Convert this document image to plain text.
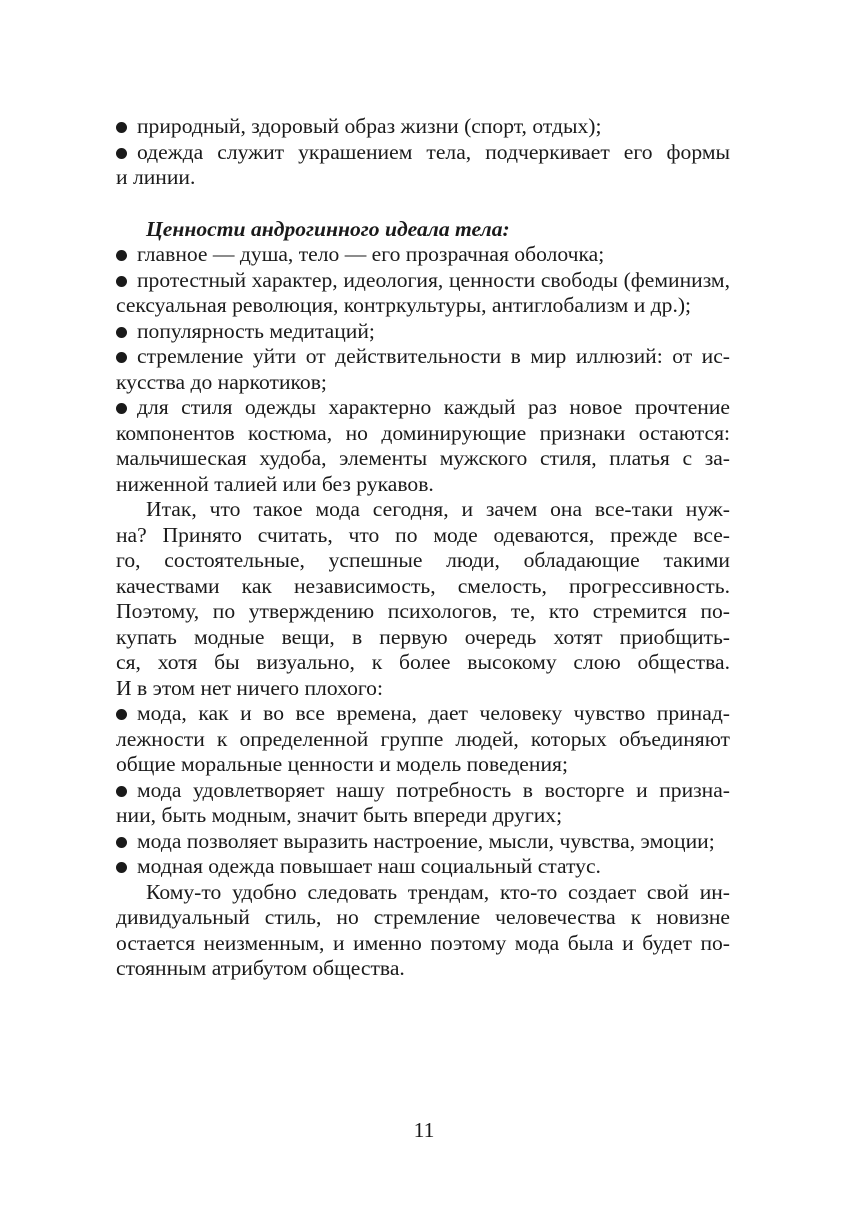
природный, здоровый образ жизни (спорт, отдых);
одежда служит украшением тела, подчеркивает его формы
и линии.
Ценности андрогинного идеала тела:
главное — душа, тело — его прозрачная оболочка;
протестный характер, идеология, ценности свободы (феминизм,
сексуальная революция, контркультуры, антиглобализм и др.);
популярность медитаций;
стремление уйти от действительности в мир иллюзий: от ис-
кусства до наркотиков;
для стиля одежды характерно каждый раз новое прочтение
компонентов костюма, но доминирующие признаки остаются:
мальчишеская худоба, элементы мужского стиля, платья с за-
ниженной талией или без рукавов.
Итак, что такое мода сегодня, и зачем она все-таки нуж-
на? Принято считать, что по моде одеваются, прежде все-
го, состоятельные, успешные люди, обладающие такими
качествами как независимость, смелость, прогрессивность.
Поэтому, по утверждению психологов, те, кто стремится по-
купать модные вещи, в первую очередь хотят приобщить-
ся, хотя бы визуально, к более высокому слою общества.
И в этом нет ничего плохого:
мода, как и во все времена, дает человеку чувство принад-
лежности к определенной группе людей, которых объединяют
общие моральные ценности и модель поведения;
мода удовлетворяет нашу потребность в восторге и призна-
нии, быть модным, значит быть впереди других;
мода позволяет выразить настроение, мысли, чувства, эмоции;
модная одежда повышает наш социальный статус.
Кому-то удобно следовать трендам, кто-то создает свой ин-
дивидуальный стиль, но стремление человечества к новизне
остается неизменным, и именно поэтому мода была и будет по-
стоянным атрибутом общества.
11
